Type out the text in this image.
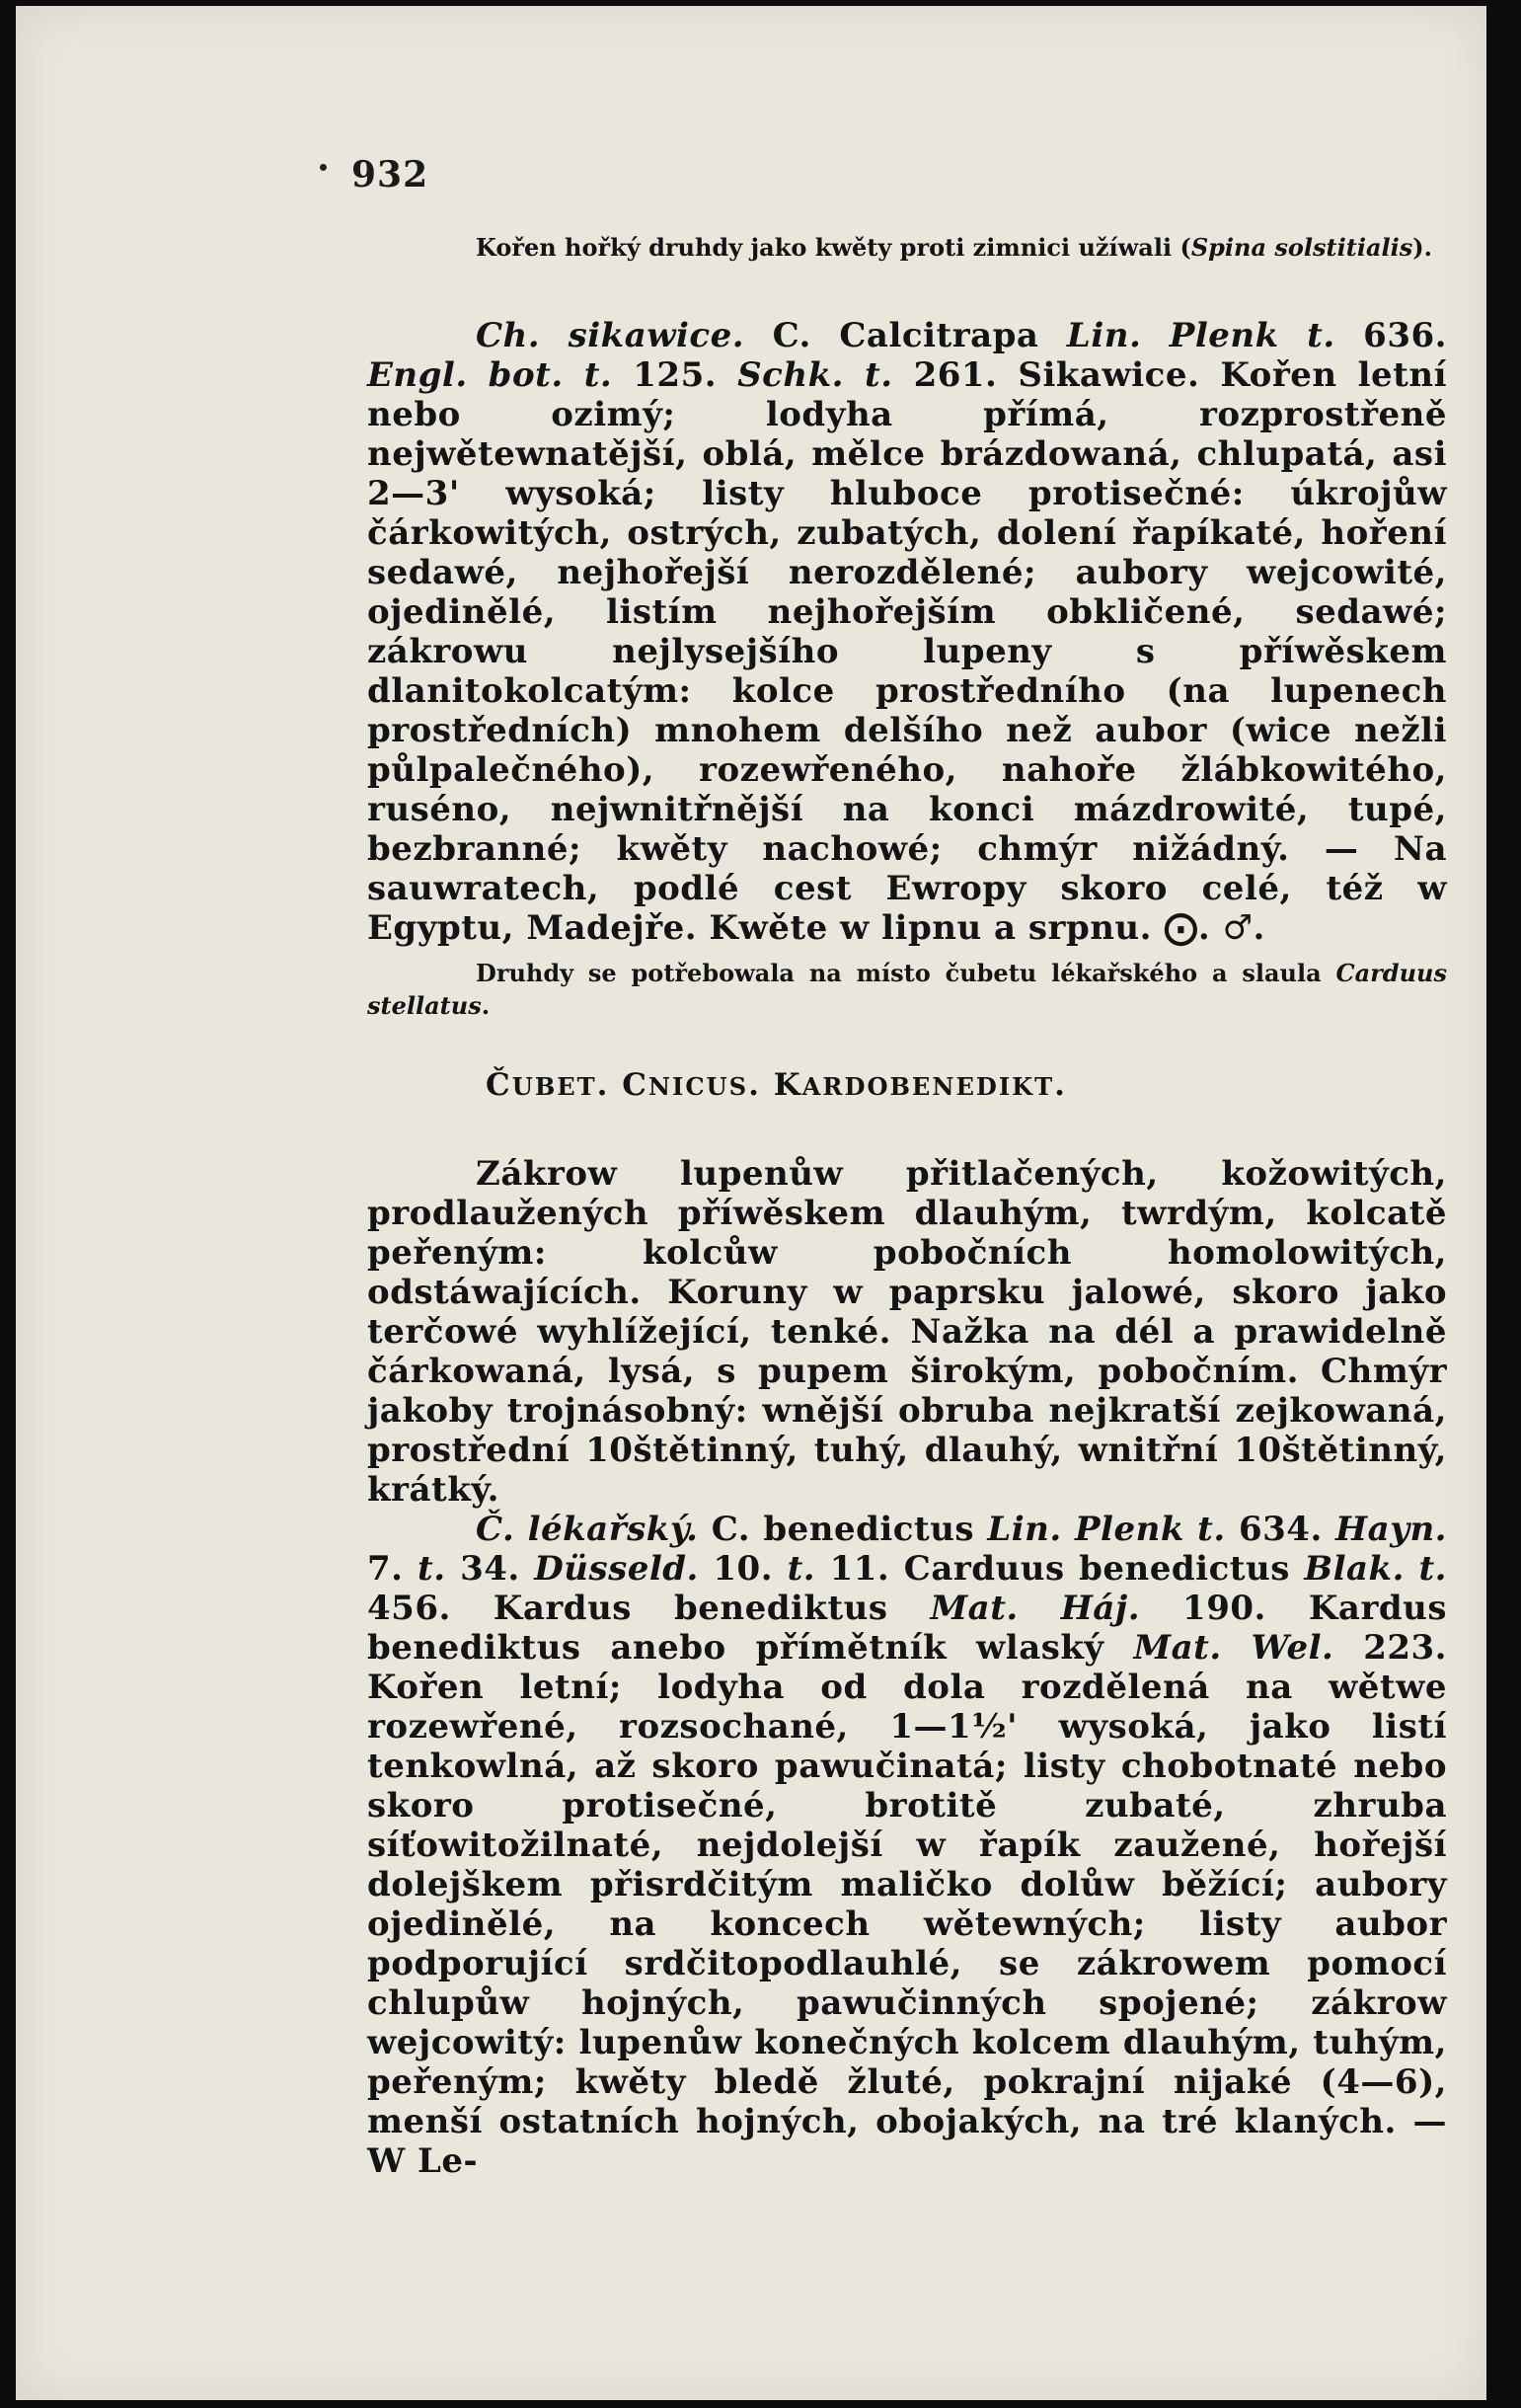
932

Kořen hořký druhdy jako kwěty proti zimnici užíwali (Spina solstitialis).

Ch. sikawice. C. Calcitrapa Lin. Plenk t. 636. Engl. bot. t. 125. Schk. t. 261. Sikawice. Kořen letní nebo ozimý; lodyha přímá, rozprostřeně nejwětewnatější, oblá, mělce brázdowaná, chlupatá, asi 2—3' wysoká; listy hluboce protisečné: úkrojůw čárkowitých, ostrých, zubatých, dolení řapíkaté, hoření sedawé, nejhořejší nerozdělené; aubory wejcowité, ojedinělé, listím nejhořejším obkličené, sedawé; zákrowu nejlysejšího lupeny s příwěskem dlanitokolcatým: kolce prostředního (na lupenech prostředních) mnohem delšího než aubor (wice nežli půlpalečného), rozewřeného, nahoře žlábkowitého, ruséno, nejwnitřnější na konci mázdrowité, tupé, bezbranné; kwěty nachowé; chmýr nižádný. — Na sauwratech, podlé cest Ewropy skoro celé, též w Egyptu, Madejře. Kwěte w lipnu a srpnu. ⨀. ♂.

Druhdy se potřebowala na místo čubetu lékařského a slaula Carduus stellatus.

ČUBET. CNICUS. KARDOBENEDIKT.

Zákrow lupenůw přitlačených, kožowitých, prodlaužených příwěskem dlauhým, twrdým, kolcatě peřeným: kolcůw pobočních homolowitých, odstáwajících. Koruny w paprsku jalowé, skoro jako terčowé wyhlížející, tenké. Nažka na dél a prawidelně čárkowaná, lysá, s pupem širokým, pobočním. Chmýr jakoby trojnásobný: wnější obruba nejkratší zejkowaná, prostřední 10štětinný, tuhý, dlauhý, wnitřní 10štětinný, krátký.

Č. lékařský. C. benedictus Lin. Plenk t. 634. Hayn. 7. t. 34. Düsseld. 10. t. 11. Carduus benedictus Blak. t. 456. Kardus benediktus Mat. Háj. 190. Kardus benediktus anebo přímětník wlaský Mat. Wel. 223. Kořen letní; lodyha od dola rozdělená na wětwe rozewřené, rozsochané, 1—1½' wysoká, jako listí tenkowlná, až skoro pawučinatá; listy chobotnaté nebo skoro protisečné, brotitě zubaté, zhruba síťowitožilnaté, nejdolejší w řapík zaužené, hořejší dolejškem přisrdčitým maličko dolůw běžící; aubory ojedinělé, na koncech wětewných; listy aubor podporující srdčitopodlauhlé, se zákrowem pomocí chlupůw hojných, pawučinných spojené; zákrow wejcowitý: lupenůw konečných kolcem dlauhým, tuhým, peřeným; kwěty bledě žluté, pokrajní nijaké (4—6), menší ostatních hojných, obojakých, na tré klaných. — W Le-
